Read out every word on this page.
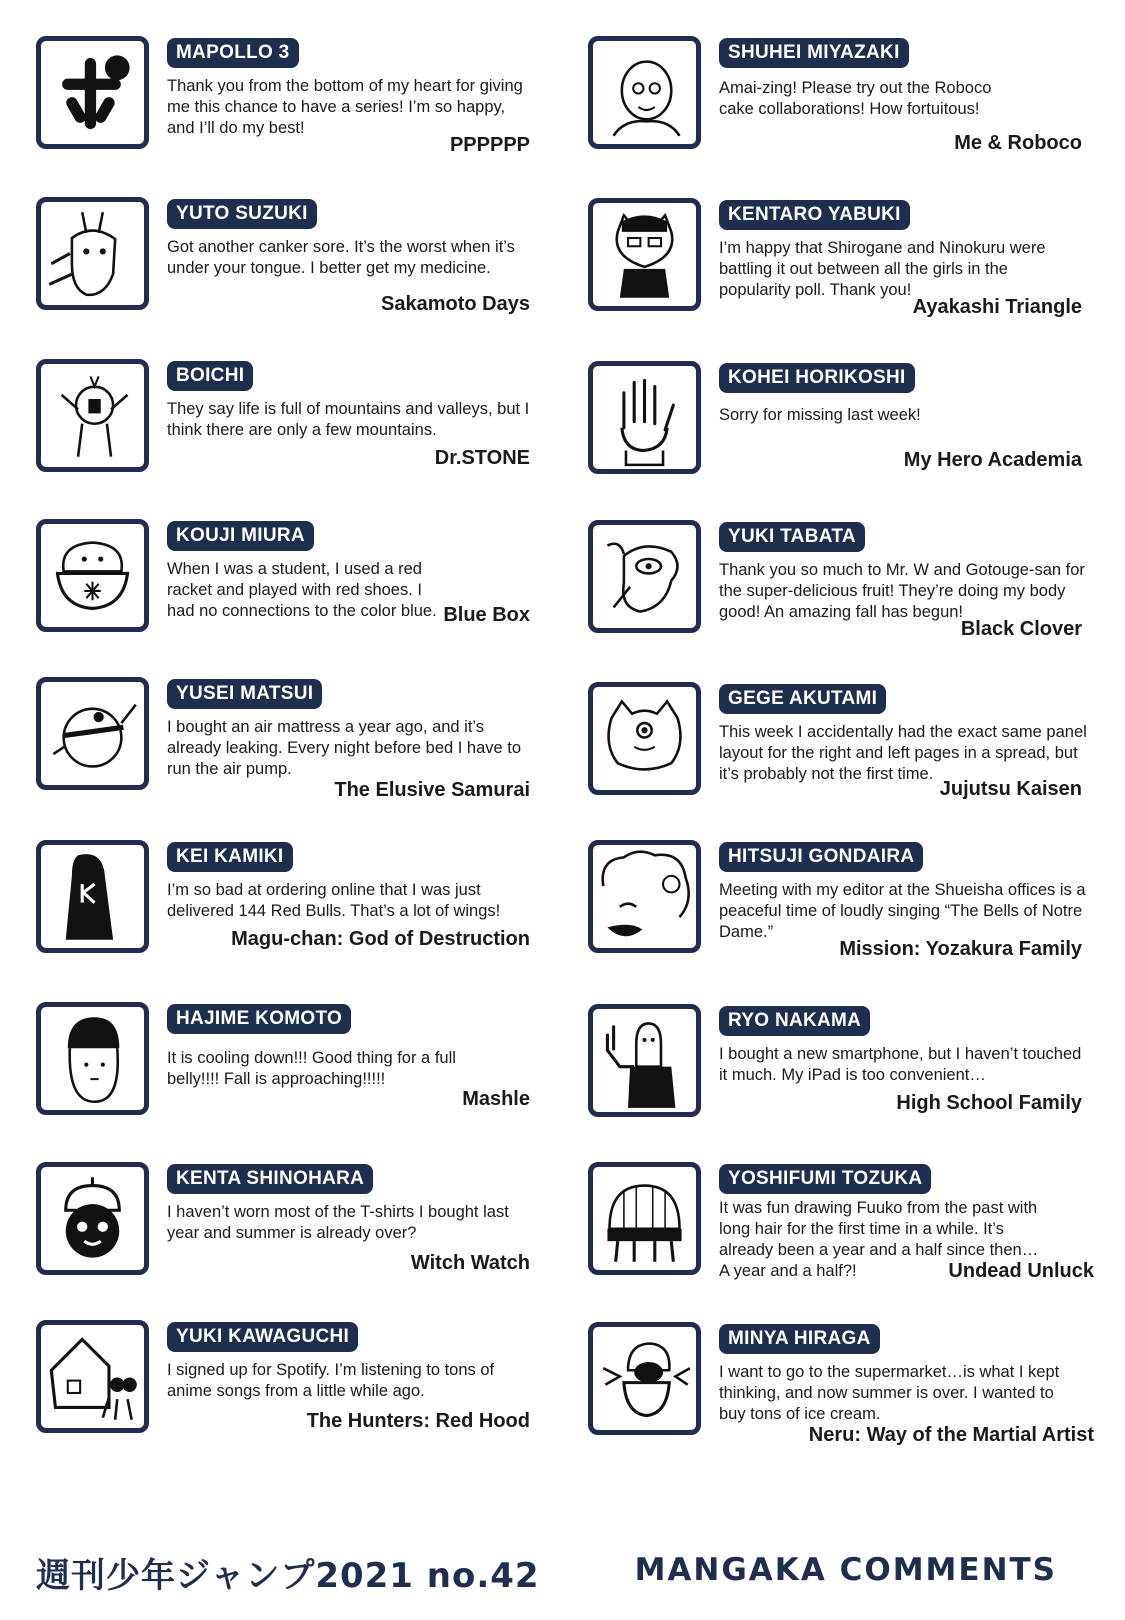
MAPOLLO 3
Thank you from the bottom of my heart for giving me this chance to have a series! I’m so happy, and I’ll do my best!
PPPPPP
YUTO SUZUKI
Got another canker sore. It’s the worst when it’s under your tongue. I better get my medicine.
Sakamoto Days
BOICHI
They say life is full of mountains and valleys, but I think there are only a few mountains.
Dr.STONE
KOUJI MIURA
When I was a student, I used a red racket and played with red shoes. I had no connections to the color blue. Blue Box
YUSEI MATSUI
I bought an air mattress a year ago, and it’s already leaking. Every night before bed I have to run the air pump.
The Elusive Samurai
KEI KAMIKI
I’m so bad at ordering online that I was just delivered 144 Red Bulls. That’s a lot of wings!
Magu-chan: God of Destruction
HAJIME KOMOTO
It is cooling down!!! Good thing for a full belly!!!! Fall is approaching!!!!!
Mashle
KENTA SHINOHARA
I haven’t worn most of the T-shirts I bought last year and summer is already over?
Witch Watch
YUKI KAWAGUCHI
I signed up for Spotify. I’m listening to tons of anime songs from a little while ago.
The Hunters: Red Hood
SHUHEI MIYAZAKI
Amai-zing! Please try out the Roboco cake collaborations! How fortuitous!
Me & Roboco
KENTARO YABUKI
I’m happy that Shirogane and Ninokuru were battling it out between all the girls in the popularity poll. Thank you!
Ayakashi Triangle
KOHEI HORIKOSHI
Sorry for missing last week!
My Hero Academia
YUKI TABATA
Thank you so much to Mr. W and Gotouge-san for the super-delicious fruit! They’re doing my body good! An amazing fall has begun!
Black Clover
GEGE AKUTAMI
This week I accidentally had the exact same panel layout for the right and left pages in a spread, but it’s probably not the first time.
Jujutsu Kaisen
HITSUJI GONDAIRA
Meeting with my editor at the Shueisha offices is a peaceful time of loudly singing “The Bells of Notre Dame.”
Mission: Yozakura Family
RYO NAKAMA
I bought a new smartphone, but I haven’t touched it much. My iPad is too convenient…
High School Family
YOSHIFUMI TOZUKA
It was fun drawing Fuuko from the past with long hair for the first time in a while. It’s already been a year and a half since then… A year and a half?!	Undead Unluck
MINYA HIRAGA
I want to go to the supermarket…is what I kept thinking, and now summer is over. I wanted to buy tons of ice cream.
Neru: Way of the Martial Artist
週刊少年ジャンプ2021 no.42	MANGAKA COMMENTS
